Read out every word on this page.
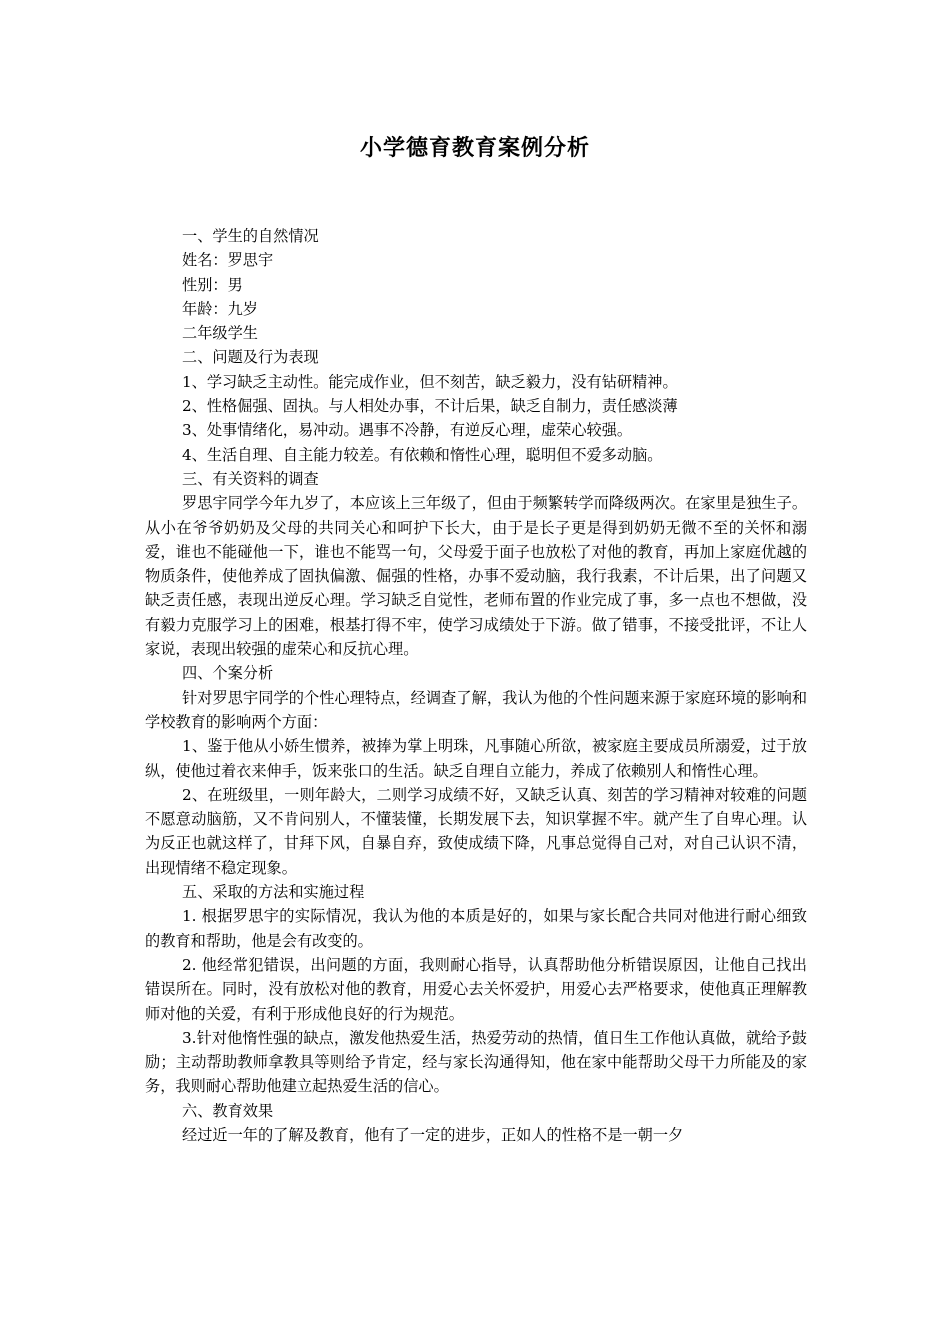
小学德育教育案例分析

一、学生的自然情况

姓名：罗思宇

性别：男

年龄：九岁

二年级学生

二、问题及行为表现

1、学习缺乏主动性。能完成作业，但不刻苦，缺乏毅力，没有钻研精神。

2、性格倔强、固执。与人相处办事，不计后果，缺乏自制力，责任感淡薄

3、处事情绪化，易冲动。遇事不冷静，有逆反心理，虚荣心较强。

4、生活自理、自主能力较差。有依赖和惰性心理，聪明但不爱多动脑。

三、有关资料的调查

罗思宇同学今年九岁了，本应该上三年级了，但由于频繁转学而降级两次。在家里是独生子。从小在爷爷奶奶及父母的共同关心和呵护下长大，由于是长子更是得到奶奶无微不至的关怀和溺爱，谁也不能碰他一下，谁也不能骂一句，父母爱于面子也放松了对他的教育，再加上家庭优越的物质条件，使他养成了固执偏激、倔强的性格，办事不爱动脑，我行我素，不计后果，出了问题又缺乏责任感，表现出逆反心理。学习缺乏自觉性，老师布置的作业完成了事，多一点也不想做，没有毅力克服学习上的困难，根基打得不牢，使学习成绩处于下游。做了错事，不接受批评，不让人家说，表现出较强的虚荣心和反抗心理。

四、个案分析

针对罗思宇同学的个性心理特点，经调查了解，我认为他的个性问题来源于家庭环境的影响和学校教育的影响两个方面：

1、鉴于他从小娇生惯养，被捧为掌上明珠，凡事随心所欲，被家庭主要成员所溺爱，过于放纵，使他过着衣来伸手，饭来张口的生活。缺乏自理自立能力，养成了依赖别人和惰性心理。

2、在班级里，一则年龄大，二则学习成绩不好，又缺乏认真、刻苦的学习精神对较难的问题不愿意动脑筋，又不肯问别人，不懂装懂，长期发展下去，知识掌握不牢。就产生了自卑心理。认为反正也就这样了，甘拜下风，自暴自弃，致使成绩下降，凡事总觉得自己对，对自己认识不清，出现情绪不稳定现象。

五、采取的方法和实施过程

1. 根据罗思宇的实际情况，我认为他的本质是好的，如果与家长配合共同对他进行耐心细致的教育和帮助，他是会有改变的。

2. 他经常犯错误，出问题的方面，我则耐心指导，认真帮助他分析错误原因，让他自己找出错误所在。同时，没有放松对他的教育，用爱心去关怀爱护，用爱心去严格要求，使他真正理解教师对他的关爱，有利于形成他良好的行为规范。

3.针对他惰性强的缺点，激发他热爱生活，热爱劳动的热情，值日生工作他认真做，就给予鼓励；主动帮助教师拿教具等则给予肯定，经与家长沟通得知，他在家中能帮助父母干力所能及的家务，我则耐心帮助他建立起热爱生活的信心。

六、教育效果

经过近一年的了解及教育，他有了一定的进步，正如人的性格不是一朝一夕
